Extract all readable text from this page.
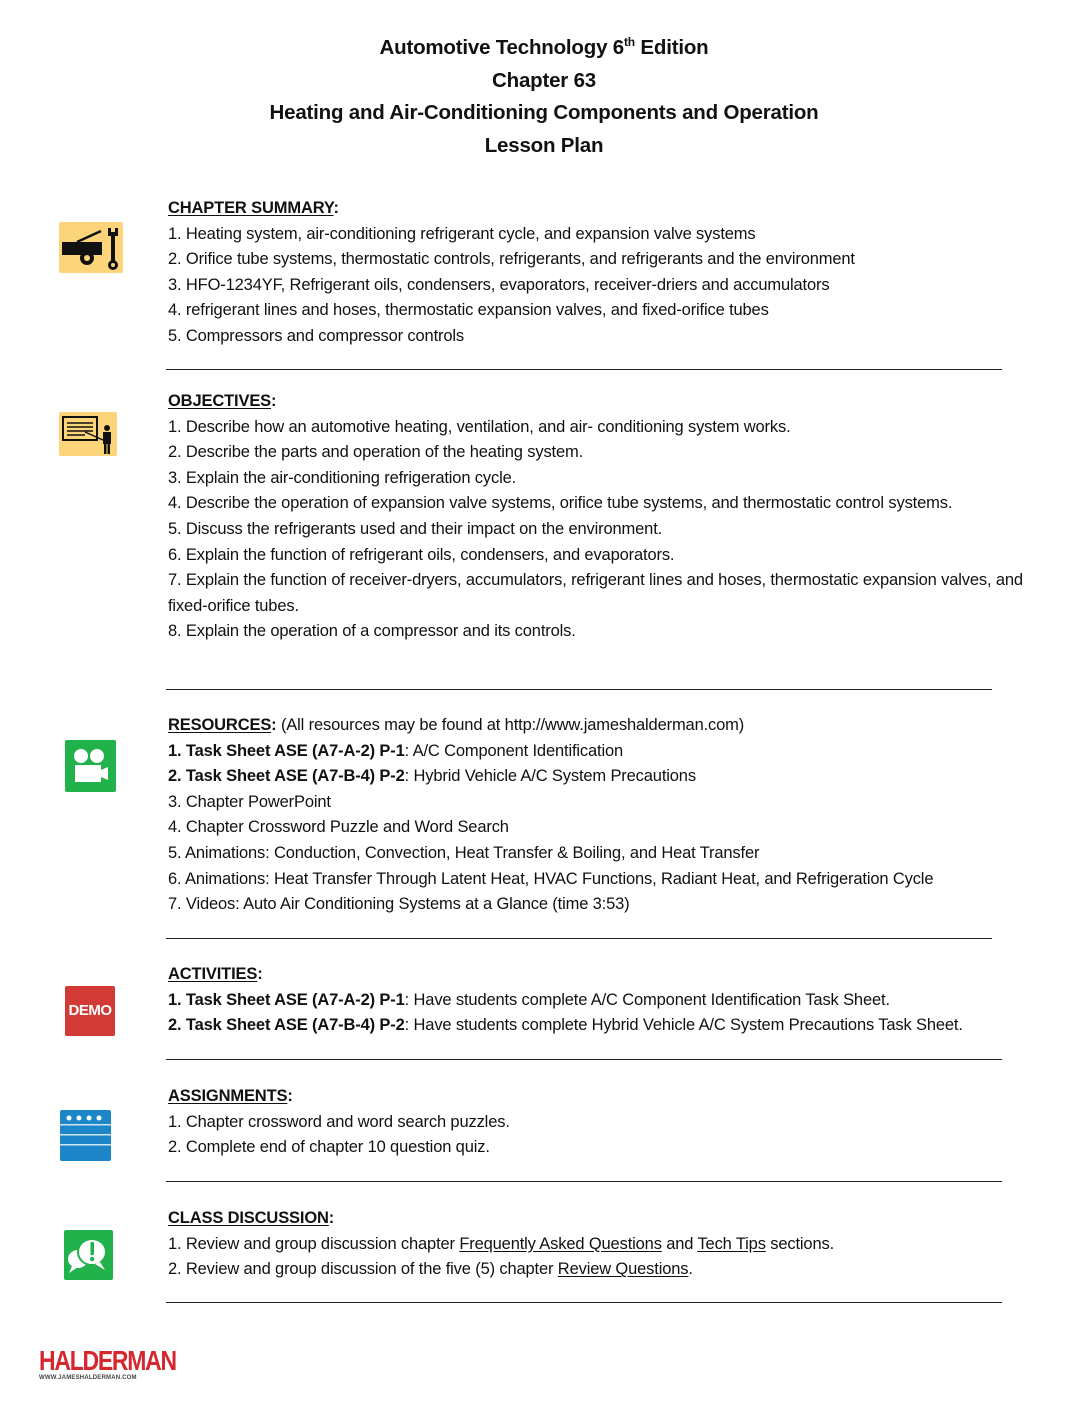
Automotive Technology 6th Edition
Chapter 63
Heating and Air-Conditioning Components and Operation
Lesson Plan
CHAPTER SUMMARY:
1. Heating system, air-conditioning refrigerant cycle, and expansion valve systems
2. Orifice tube systems, thermostatic controls, refrigerants, and refrigerants and the environment
3. HFO-1234YF, Refrigerant oils, condensers, evaporators, receiver-driers and accumulators
4. refrigerant lines and hoses, thermostatic expansion valves, and fixed-orifice tubes
5. Compressors and compressor controls
OBJECTIVES:
1. Describe how an automotive heating, ventilation, and air- conditioning system works.
2. Describe the parts and operation of the heating system.
3. Explain the air-conditioning refrigeration cycle.
4. Describe the operation of expansion valve systems, orifice tube systems, and thermostatic control systems.
5. Discuss the refrigerants used and their impact on the environment.
6. Explain the function of refrigerant oils, condensers, and evaporators.
7. Explain the function of receiver-dryers, accumulators, refrigerant lines and hoses, thermostatic expansion valves, and fixed-orifice tubes.
8. Explain the operation of a compressor and its controls.
RESOURCES: (All resources may be found at http://www.jameshalderman.com)
1. Task Sheet ASE (A7-A-2) P-1: A/C Component Identification
2. Task Sheet ASE (A7-B-4) P-2: Hybrid Vehicle A/C System Precautions
3. Chapter PowerPoint
4. Chapter Crossword Puzzle and Word Search
5. Animations: Conduction, Convection, Heat Transfer & Boiling, and Heat Transfer
6. Animations: Heat Transfer Through Latent Heat, HVAC Functions, Radiant Heat, and Refrigeration Cycle
7. Videos: Auto Air Conditioning Systems at a Glance (time 3:53)
DEMO
ACTIVITIES:
1. Task Sheet ASE (A7-A-2) P-1: Have students complete A/C Component Identification Task Sheet.
2. Task Sheet ASE (A7-B-4) P-2: Have students complete Hybrid Vehicle A/C System Precautions Task Sheet.
ASSIGNMENTS:
1. Chapter crossword and word search puzzles.
2. Complete end of chapter 10 question quiz.
CLASS DISCUSSION:
1. Review and group discussion chapter Frequently Asked Questions and Tech Tips sections.
2. Review and group discussion of the five (5) chapter Review Questions.
HALDERMAN
WWW.JAMESHALDERMAN.COM
